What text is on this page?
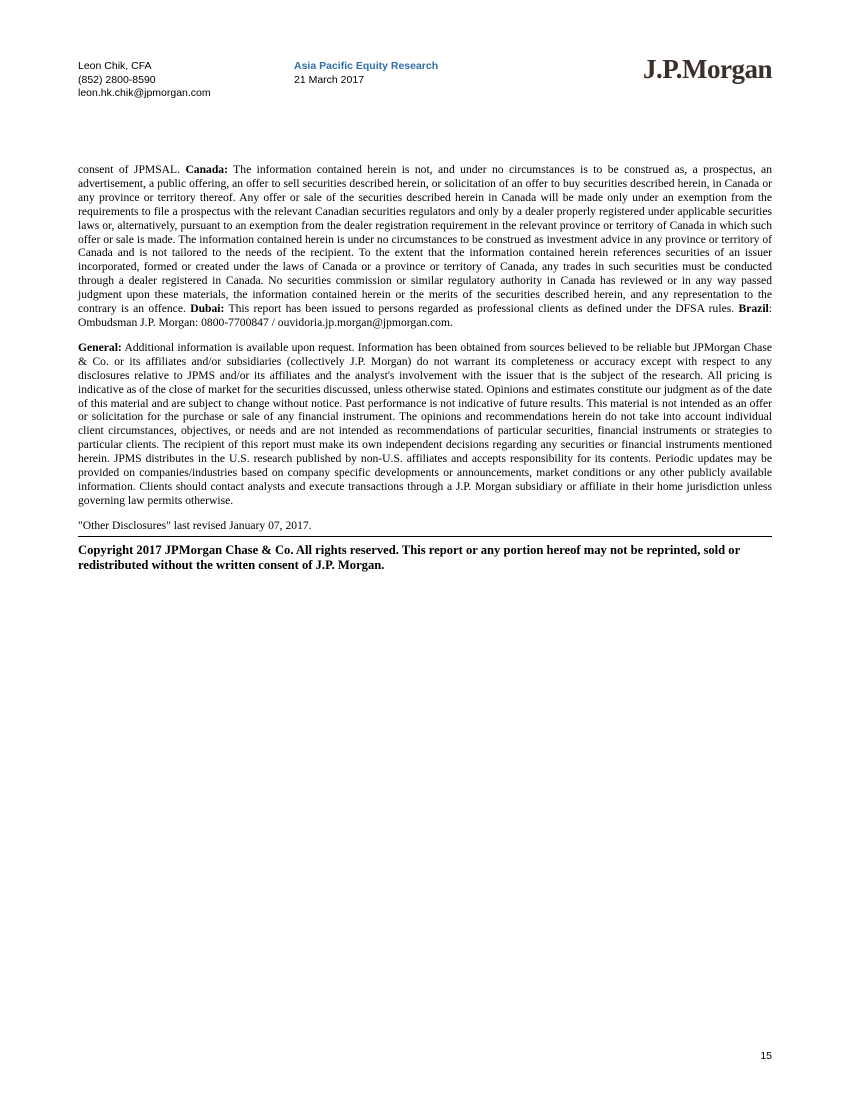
Leon Chik, CFA
(852) 2800-8590
leon.hk.chik@jpmorgan.com
Asia Pacific Equity Research
21 March 2017	J.P.Morgan

consent of JPMSAL. Canada: The information contained herein is not, and under no circumstances is to be construed as, a prospectus, an advertisement, a public offering, an offer to sell securities described herein, or solicitation of an offer to buy securities described herein, in Canada or any province or territory thereof. Any offer or sale of the securities described herein in Canada will be made only under an exemption from the requirements to file a prospectus with the relevant Canadian securities regulators and only by a dealer properly registered under applicable securities laws or, alternatively, pursuant to an exemption from the dealer registration requirement in the relevant province or territory of Canada in which such offer or sale is made. The information contained herein is under no circumstances to be construed as investment advice in any province or territory of Canada and is not tailored to the needs of the recipient. To the extent that the information contained herein references securities of an issuer incorporated, formed or created under the laws of Canada or a province or territory of Canada, any trades in such securities must be conducted through a dealer registered in Canada. No securities commission or similar regulatory authority in Canada has reviewed or in any way passed judgment upon these materials, the information contained herein or the merits of the securities described herein, and any representation to the contrary is an offence. Dubai: This report has been issued to persons regarded as professional clients as defined under the DFSA rules. Brazil: Ombudsman J.P. Morgan: 0800-7700847 / ouvidoria.jp.morgan@jpmorgan.com.

General: Additional information is available upon request. Information has been obtained from sources believed to be reliable but JPMorgan Chase & Co. or its affiliates and/or subsidiaries (collectively J.P. Morgan) do not warrant its completeness or accuracy except with respect to any disclosures relative to JPMS and/or its affiliates and the analyst's involvement with the issuer that is the subject of the research. All pricing is indicative as of the close of market for the securities discussed, unless otherwise stated. Opinions and estimates constitute our judgment as of the date of this material and are subject to change without notice. Past performance is not indicative of future results. This material is not intended as an offer or solicitation for the purchase or sale of any financial instrument. The opinions and recommendations herein do not take into account individual client circumstances, objectives, or needs and are not intended as recommendations of particular securities, financial instruments or strategies to particular clients. The recipient of this report must make its own independent decisions regarding any securities or financial instruments mentioned herein. JPMS distributes in the U.S. research published by non-U.S. affiliates and accepts responsibility for its contents. Periodic updates may be provided on companies/industries based on company specific developments or announcements, market conditions or any other publicly available information. Clients should contact analysts and execute transactions through a J.P. Morgan subsidiary or affiliate in their home jurisdiction unless governing law permits otherwise.

"Other Disclosures" last revised January 07, 2017.

Copyright 2017 JPMorgan Chase & Co. All rights reserved. This report or any portion hereof may not be reprinted, sold or redistributed without the written consent of J.P. Morgan.

15
